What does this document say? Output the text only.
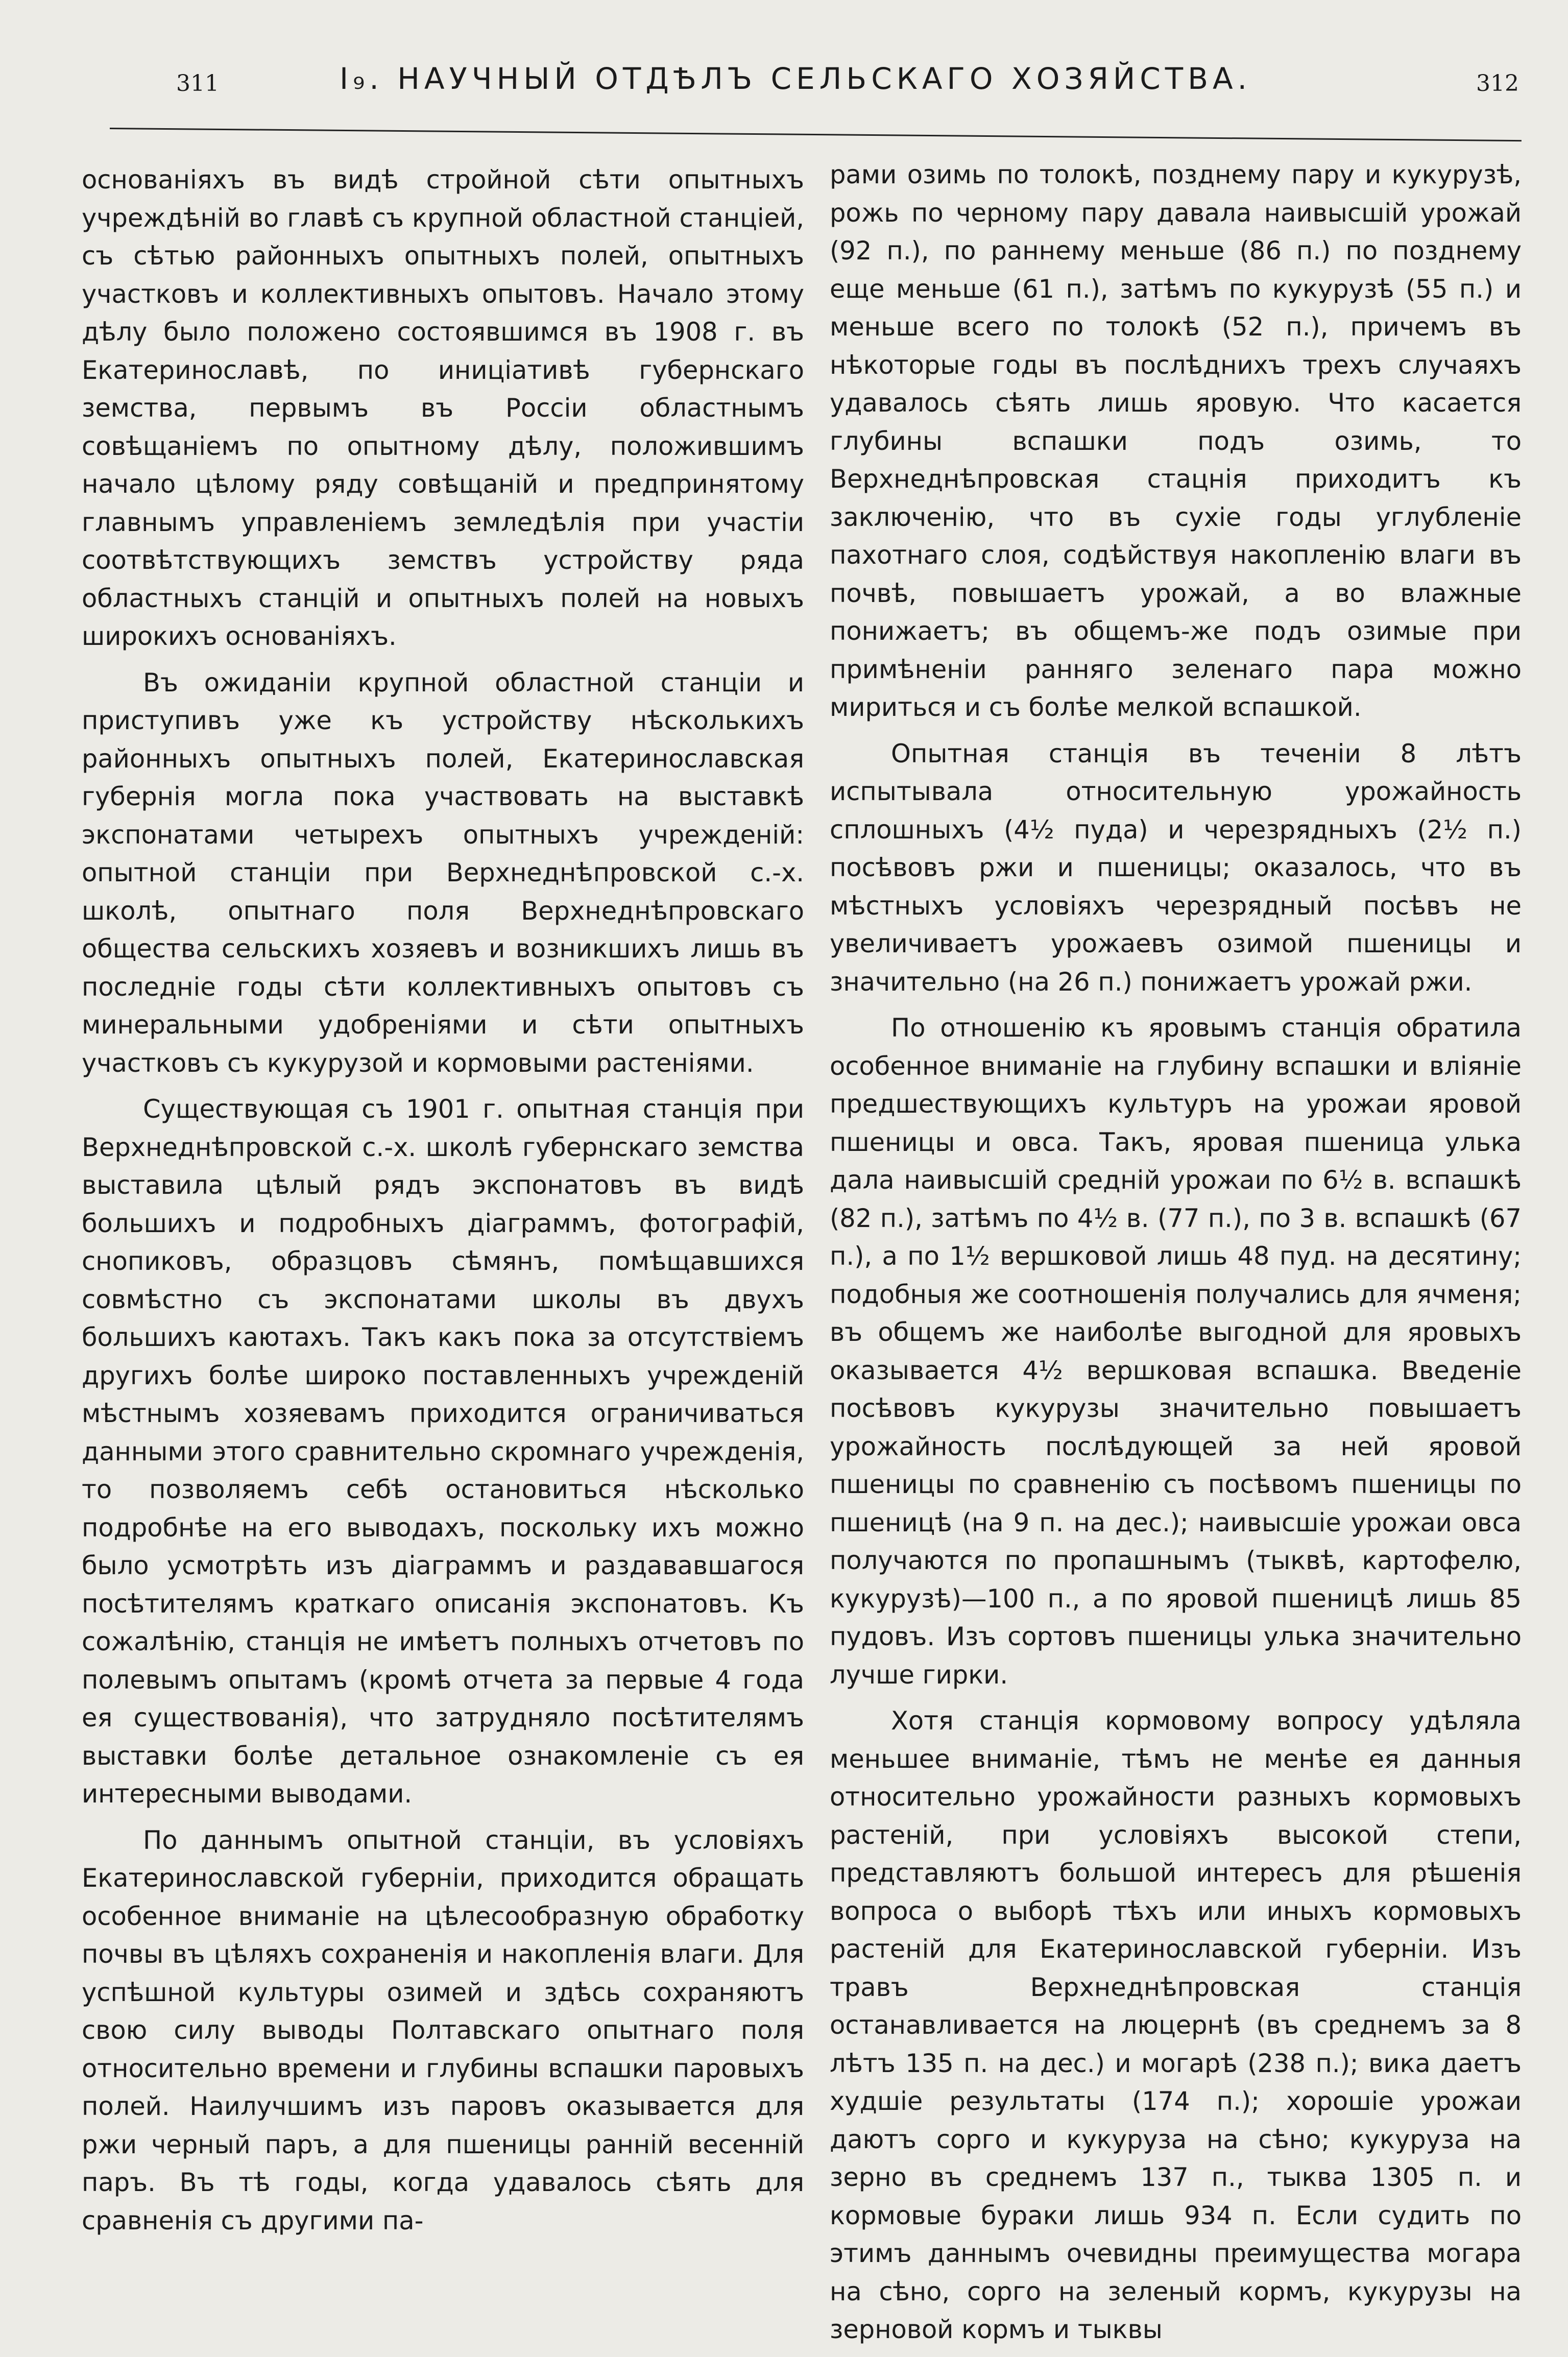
311	I₉. НАУЧНЫЙ ОТДѢЛЪ СЕЛЬСКАГО ХОЗЯЙСТВА.	312

основаніяхъ въ видѣ стройной сѣти опытныхъ учреждѣній во главѣ съ крупной областной станціей, съ сѣтью районныхъ опытныхъ полей, опытныхъ участковъ и коллективныхъ опытовъ. Начало этому дѣлу было положено состоявшимся въ 1908 г. въ Екатеринославѣ, по иниціативѣ губернскаго земства, первымъ въ Россіи областнымъ совѣщаніемъ по опытному дѣлу, положившимъ начало цѣлому ряду совѣщаній и предпринятому главнымъ управленіемъ земледѣлія при участіи соотвѣтствующихъ земствъ устройству ряда областныхъ станцій и опытныхъ полей на новыхъ широкихъ основаніяхъ.

Въ ожиданіи крупной областной станціи и приступивъ уже къ устройству нѣсколькихъ районныхъ опытныхъ полей, Екатеринославская губернія могла пока участвовать на выставкѣ экспонатами четырехъ опытныхъ учрежденій: опытной станціи при Верхнеднѣпровской с.-х. школѣ, опытнаго поля Верхнеднѣпровскаго общества сельскихъ хозяевъ и возникшихъ лишь въ последніе годы сѣти коллективныхъ опытовъ съ минеральными удобреніями и сѣти опытныхъ участковъ съ кукурузой и кормовыми растеніями.

Существующая съ 1901 г. опытная станція при Верхнеднѣпровской с.-х. школѣ губернскаго земства выставила цѣлый рядъ экспонатовъ въ видѣ большихъ и подробныхъ діаграммъ, фотографій, снопиковъ, образцовъ сѣмянъ, помѣщавшихся совмѣстно съ экспонатами школы въ двухъ большихъ каютахъ. Такъ какъ пока за отсутствіемъ другихъ болѣе широко поставленныхъ учрежденій мѣстнымъ хозяевамъ приходится ограничиваться данными этого сравнительно скромнаго учрежденія, то позволяемъ себѣ остановиться нѣсколько подробнѣе на его выводахъ, поскольку ихъ можно было усмотрѣть изъ діаграммъ и раздававшагося посѣтителямъ краткаго описанія экспонатовъ. Къ сожалѣнію, станція не имѣетъ полныхъ отчетовъ по полевымъ опытамъ (кромѣ отчета за первые 4 года ея существованія), что затрудняло посѣтителямъ выставки болѣе детальное ознакомленіе съ ея интересными выводами.

По даннымъ опытной станціи, въ условіяхъ Екатеринославской губерніи, приходится обращать особенное вниманіе на цѣлесообразную обработку почвы въ цѣляхъ сохраненія и накопленія влаги. Для успѣшной культуры озимей и здѣсь сохраняютъ свою силу выводы Полтавскаго опытнаго поля относительно времени и глубины вспашки паровыхъ полей. Наилучшимъ изъ паровъ оказывается для ржи черный паръ, а для пшеницы ранній весенній паръ. Въ тѣ годы, когда удавалось сѣять для сравненія съ другими па-

рами озимь по толокѣ, позднему пару и кукурузѣ, рожь по черному пару давала наивысшій урожай (92 п.), по раннему меньше (86 п.) по позднему еще меньше (61 п.), затѣмъ по кукурузѣ (55 п.) и меньше всего по толокѣ (52 п.), причемъ въ нѣкоторые годы въ послѣднихъ трехъ случаяхъ удавалось сѣять лишь яровую. Что касается глубины вспашки подъ озимь, то Верхнеднѣпровская стацнія приходитъ къ заключенію, что въ сухіе годы углубленіе пахотнаго слоя, содѣйствуя накопленію влаги въ почвѣ, повышаетъ урожай, а во влажные понижаетъ; въ общемъ-же подъ озимые при примѣненіи ранняго зеленаго пара можно мириться и съ болѣе мелкой вспашкой.

Опытная станція въ теченіи 8 лѣтъ испытывала относительную урожайность сплошныхъ (4½ пуда) и черезрядныхъ (2½ п.) посѣвовъ ржи и пшеницы; оказалось, что въ мѣстныхъ условіяхъ черезрядный посѣвъ не увеличиваетъ урожаевъ озимой пшеницы и значительно (на 26 п.) понижаетъ урожай ржи.

По отношенію къ яровымъ станція обратила особенное вниманіе на глубину вспашки и вліяніе предшествующихъ культуръ на урожаи яровой пшеницы и овса. Такъ, яровая пшеница улька дала наивысшій средній урожаи по 6½ в. вспашкѣ (82 п.), затѣмъ по 4½ в. (77 п.), по 3 в. вспашкѣ (67 п.), а по 1½ вершковой лишь 48 пуд. на десятину; подобныя же соотношенія получались для ячменя; въ общемъ же наиболѣе выгодной для яровыхъ оказывается 4½ вершковая вспашка. Введеніе посѣвовъ кукурузы значительно повышаетъ урожайность послѣдующей за ней яровой пшеницы по сравненію съ посѣвомъ пшеницы по пшеницѣ (на 9 п. на дес.); наивысшіе урожаи овса получаются по пропашнымъ (тыквѣ, картофелю, кукурузѣ)—100 п., а по яровой пшеницѣ лишь 85 пудовъ. Изъ сортовъ пшеницы улька значительно лучше гирки.

Хотя станція кормовому вопросу удѣляла меньшее вниманіе, тѣмъ не менѣе ея данныя относительно урожайности разныхъ кормовыхъ растеній, при условіяхъ высокой степи, представляютъ большой интересъ для рѣшенія вопроса о выборѣ тѣхъ или иныхъ кормовыхъ растеній для Екатеринославской губерніи. Изъ травъ Верхнеднѣпровская станція останавливается на люцернѣ (въ среднемъ за 8 лѣтъ 135 п. на дес.) и могарѣ (238 п.); вика даетъ худшіе результаты (174 п.); хорошіе урожаи даютъ сорго и кукуруза на сѣно; кукуруза на зерно въ среднемъ 137 п., тыква 1305 п. и кормовые бураки лишь 934 п. Если судить по этимъ даннымъ очевидны преимущества могара на сѣно, сорго на зеленый кормъ, кукурузы на зерновой кормъ и тыквы
